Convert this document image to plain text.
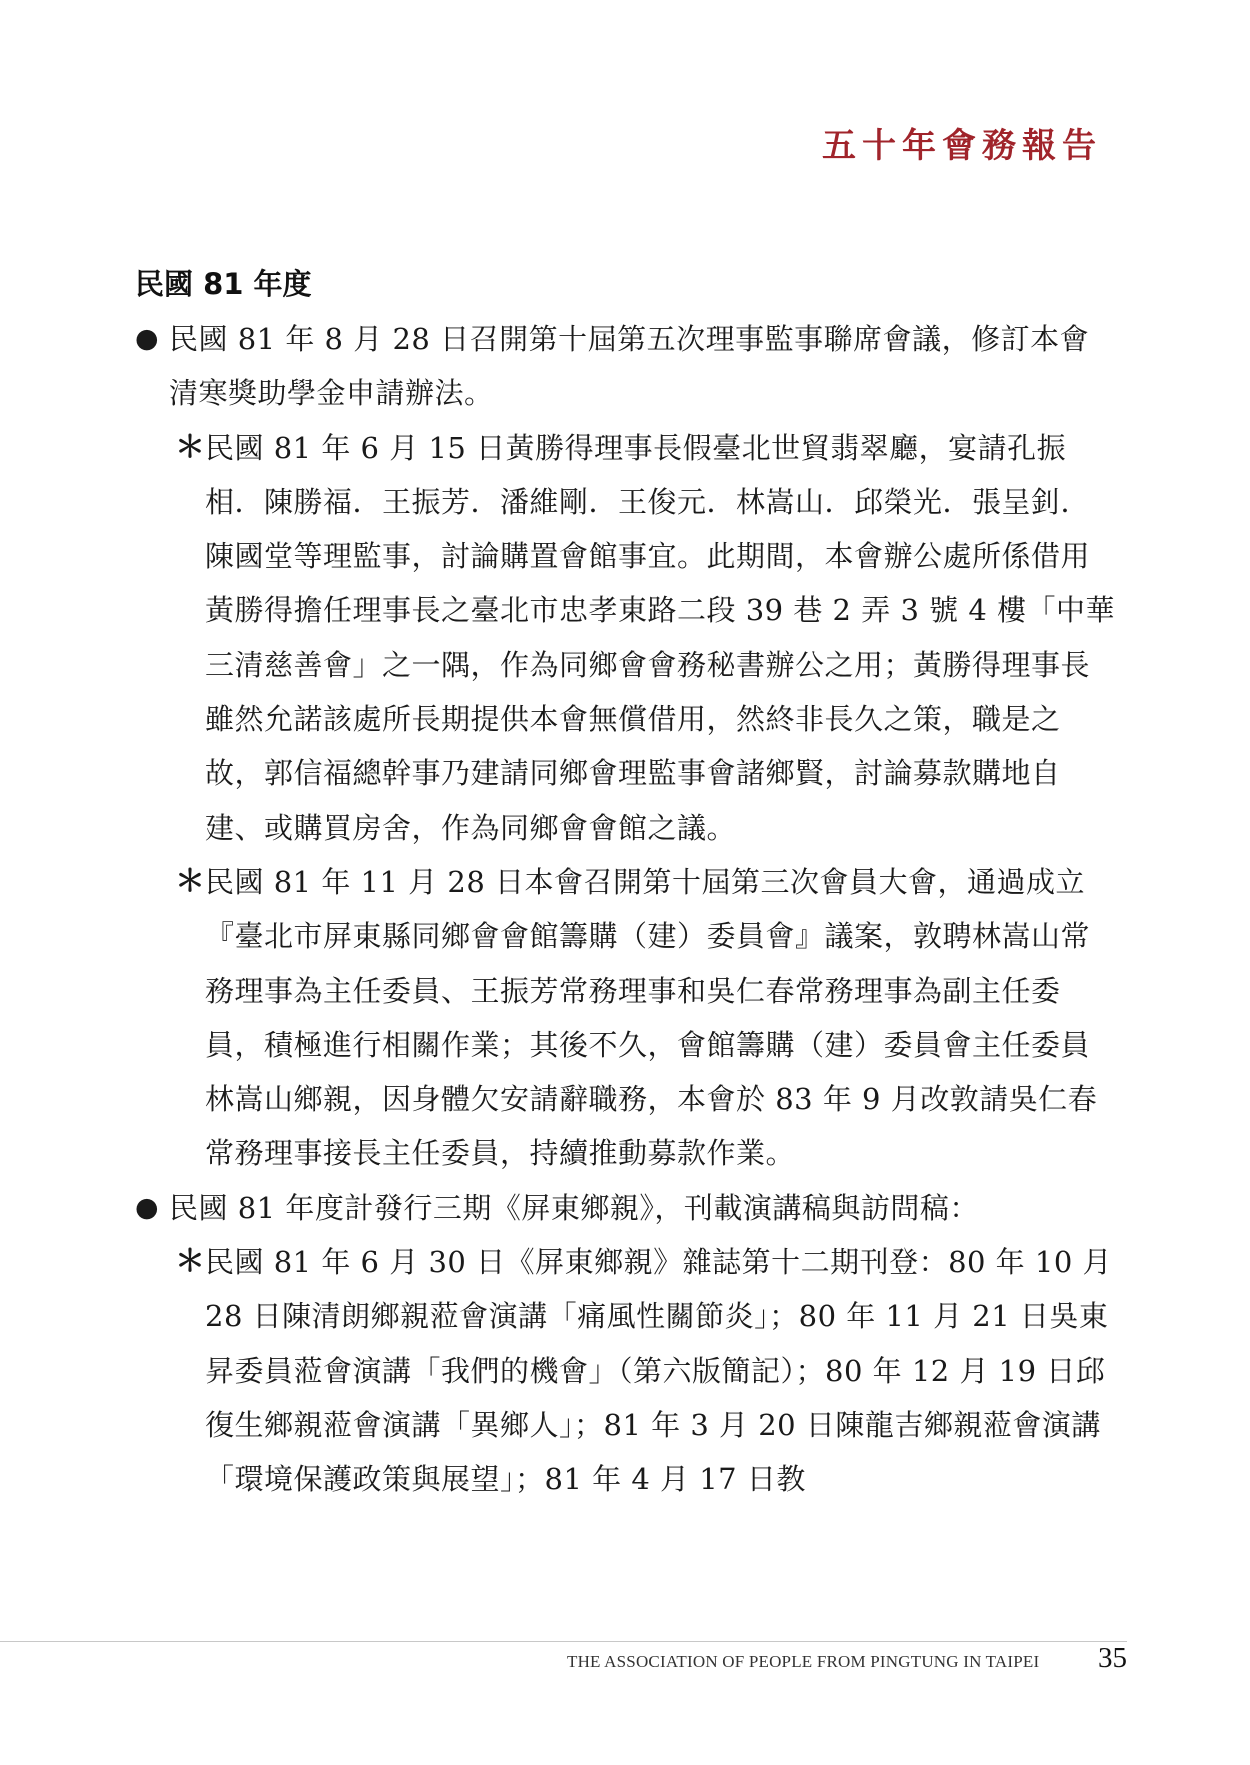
五十年會務報告
民國 81 年度
● 民國 81 年 8 月 28 日召開第十屆第五次理事監事聯席會議，修訂本會清寒獎助學金申請辦法。
＊ 民國 81 年 6 月 15 日黃勝得理事長假臺北世貿翡翠廳，宴請孔振相．陳勝福．王振芳．潘維剛．王俊元．林嵩山．邱榮光．張呈釗．陳國堂等理監事，討論購置會館事宜。此期間，本會辦公處所係借用黃勝得擔任理事長之臺北市忠孝東路二段 39 巷 2 弄 3 號 4 樓「中華三清慈善會」之一隅，作為同鄉會會務秘書辦公之用；黃勝得理事長雖然允諾該處所長期提供本會無償借用，然終非長久之策，職是之故，郭信福總幹事乃建請同鄉會理監事會諸鄉賢，討論募款購地自建、或購買房舍，作為同鄉會會館之議。
＊ 民國 81 年 11 月 28 日本會召開第十屆第三次會員大會，通過成立『臺北市屏東縣同鄉會會館籌購（建）委員會』議案，敦聘林嵩山常務理事為主任委員、王振芳常務理事和吳仁春常務理事為副主任委員，積極進行相關作業；其後不久，會館籌購（建）委員會主任委員林嵩山鄉親，因身體欠安請辭職務，本會於 83 年 9 月改敦請吳仁春常務理事接長主任委員，持續推動募款作業。
● 民國 81 年度計發行三期《屏東鄉親》，刊載演講稿與訪問稿：
＊ 民國 81 年 6 月 30 日《屏東鄉親》雜誌第十二期刊登：80 年 10 月 28 日陳清朗鄉親蒞會演講「痛風性關節炎」；80 年 11 月 21 日吳東昇委員蒞會演講「我們的機會」（第六版簡記）；80 年 12 月 19 日邱復生鄉親蒞會演講「異鄉人」；81 年 3 月 20 日陳龍吉鄉親蒞會演講「環境保護政策與展望」；81 年 4 月 17 日教
THE ASSOCIATION OF PEOPLE FROM PINGTUNG IN TAIPEI 35
